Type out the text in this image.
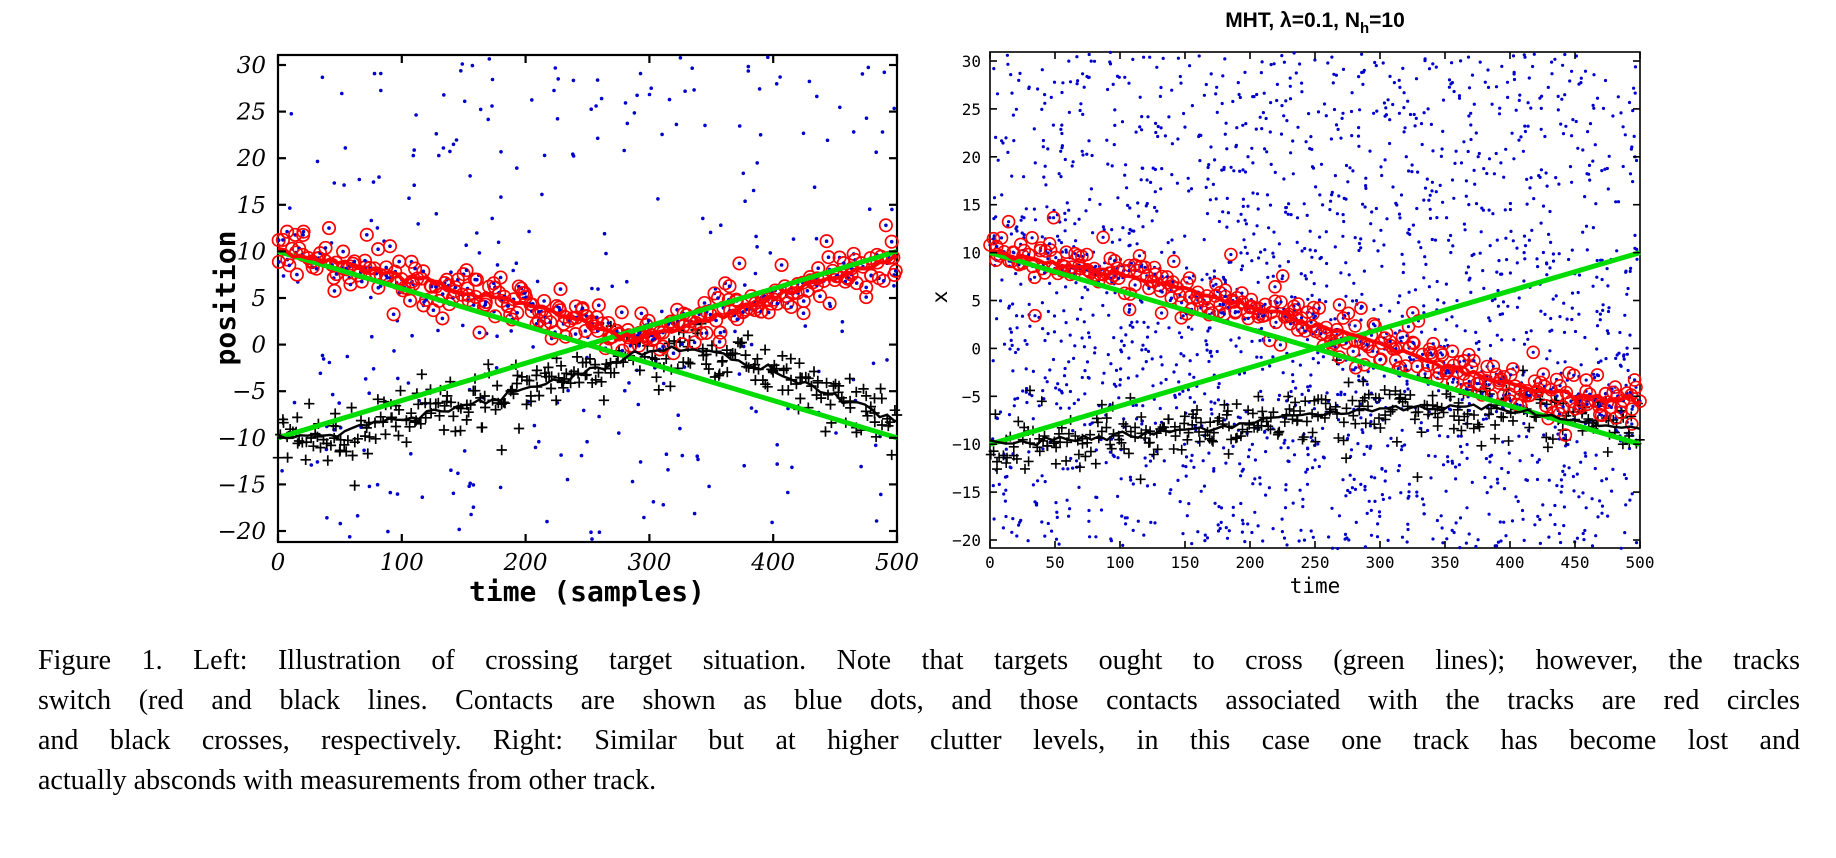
0	100	200	300	400	500
30
25
20
15
10
5
0
−5
−10
−15
−20
time (samples)
position
0	50	100 150 200 250 300 350 400 450 500
30
25
20
15
10
5
0
−5
−10
−15
−20
time
x
MHT, λ=0.1, $N_h=10$
Figure 1. Left: Illustration of crossing target situation. Note that targets ought to cross (green lines); however, the tracks
switch (red and black lines. Contacts are shown as blue dots, and those contacts associated with the tracks are red circles
and black crosses, respectively. Right: Similar but at higher clutter levels, in this case one track has become lost and
actually absconds with measurements from other track.
